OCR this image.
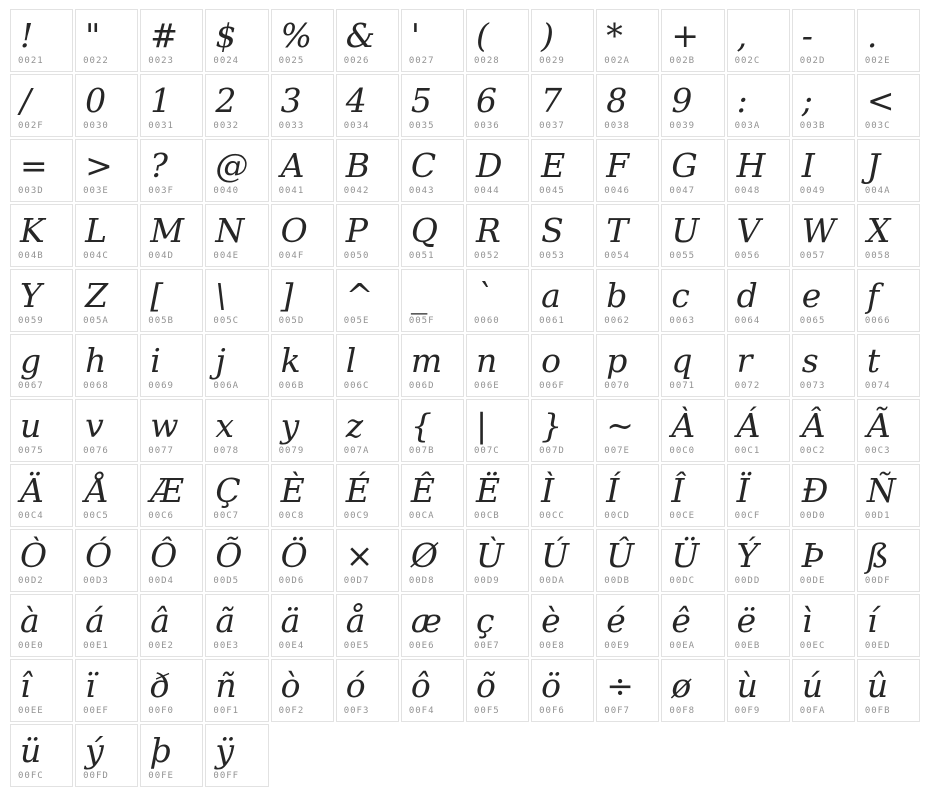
!
0021
"
0022
#
0023
$
0024
%
0025
&
0026
'
0027
(
0028
)
0029
*
002A
+
002B
,
002C
-
002D
.
002E
/
002F
0
0030
1
0031
2
0032
3
0033
4
0034
5
0035
6
0036
7
0037
8
0038
9
0039
:
003A
;
003B
<
003C
=
003D
>
003E
?
003F
@
0040
A
0041
B
0042
C
0043
D
0044
E
0045
F
0046
G
0047
H
0048
I
0049
J
004A
K
004B
L
004C
M
004D
N
004E
O
004F
P
0050
Q
0051
R
0052
S
0053
T
0054
U
0055
V
0056
W
0057
X
0058
Y
0059
Z
005A
[
005B
\
005C
]
005D
^
005E
_
005F
`
0060
a
0061
b
0062
c
0063
d
0064
e
0065
f
0066
g
0067
h
0068
i
0069
j
006A
k
006B
l
006C
m
006D
n
006E
o
006F
p
0070
q
0071
r
0072
s
0073
t
0074
u
0075
v
0076
w
0077
x
0078
y
0079
z
007A
{
007B
|
007C
}
007D
~
007E
À
00C0
Á
00C1
Â
00C2
Ã
00C3
Ä
00C4
Å
00C5
Æ
00C6
Ç
00C7
È
00C8
É
00C9
Ê
00CA
Ë
00CB
Ì
00CC
Í
00CD
Î
00CE
Ï
00CF
Ð
00D0
Ñ
00D1
Ò
00D2
Ó
00D3
Ô
00D4
Õ
00D5
Ö
00D6
×
00D7
Ø
00D8
Ù
00D9
Ú
00DA
Û
00DB
Ü
00DC
Ý
00DD
Þ
00DE
ß
00DF
à
00E0
á
00E1
â
00E2
ã
00E3
ä
00E4
å
00E5
æ
00E6
ç
00E7
è
00E8
é
00E9
ê
00EA
ë
00EB
ì
00EC
í
00ED
î
00EE
ï
00EF
ð
00F0
ñ
00F1
ò
00F2
ó
00F3
ô
00F4
õ
00F5
ö
00F6
÷
00F7
ø
00F8
ù
00F9
ú
00FA
û
00FB
ü
00FC
ý
00FD
þ
00FE
ÿ
00FF
